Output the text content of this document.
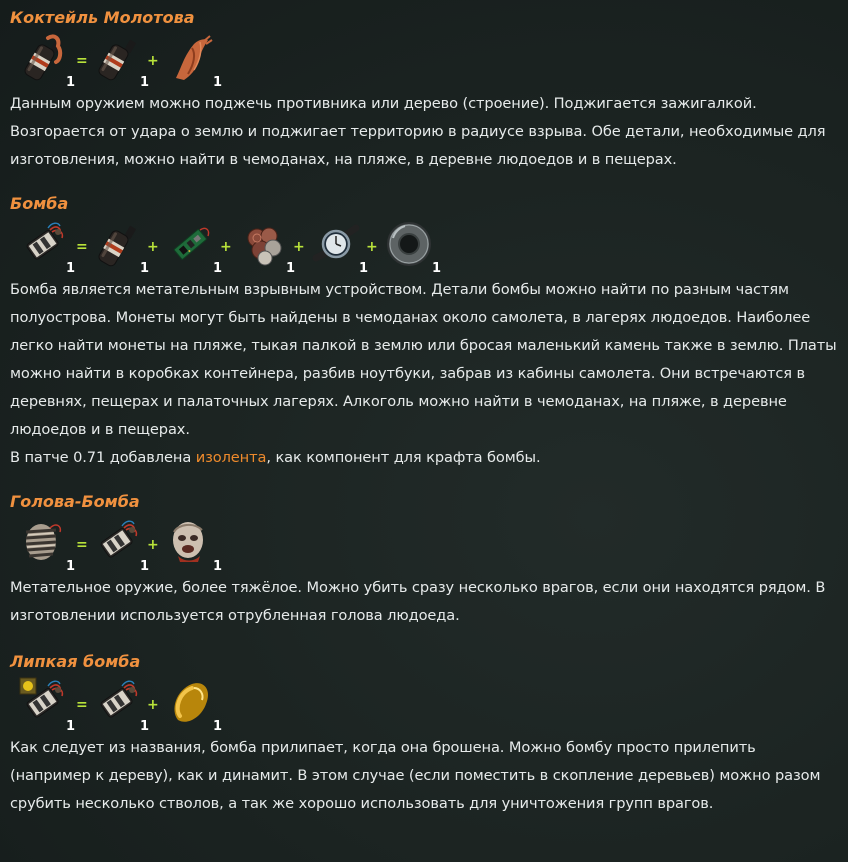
Коктейль Молотова
1
=
1
+
1

Данным оружием можно поджечь противника или дерево (строение). Поджигается зажигалкой. Возгорается от удара о землю и поджигает территорию в радиусе взрыва. Обе детали, необходимые для изготовления, можно найти в чемоданах, на пляже, в деревне людоедов и в пещерах.

Бомба
1
=
1
+
1
+
1
+
1
+
1

Бомба является метательным взрывным устройством. Детали бомбы можно найти по разным частям полуострова. Монеты могут быть найдены в чемоданах около самолета, в лагерях людоедов. Наиболее легко найти монеты на пляже, тыкая палкой в землю или бросая маленький камень также в землю. Платы можно найти в коробках контейнера, разбив ноутбуки, забрав из кабины самолета. Они встречаются в деревнях, пещерах и палаточных лагерях. Алкоголь можно найти в чемоданах, на пляже, в деревне людоедов и в пещерах.

В патче 0.71 добавлена изолента, как компонент для крафта бомбы.

Голова-Бомба
1
=
1
+
1

Метательное оружие, более тяжёлое. Можно убить сразу несколько врагов, если они находятся рядом. В изготовлении используется отрубленная голова людоеда.

Липкая бомба
1
=
1
+
1

Как следует из названия, бомба прилипает, когда она брошена. Можно бомбу просто прилепить (например к дереву), как и динамит. В этом случае (если поместить в скопление деревьев) можно разом срубить несколько стволов, а так же хорошо использовать для уничтожения групп врагов.
